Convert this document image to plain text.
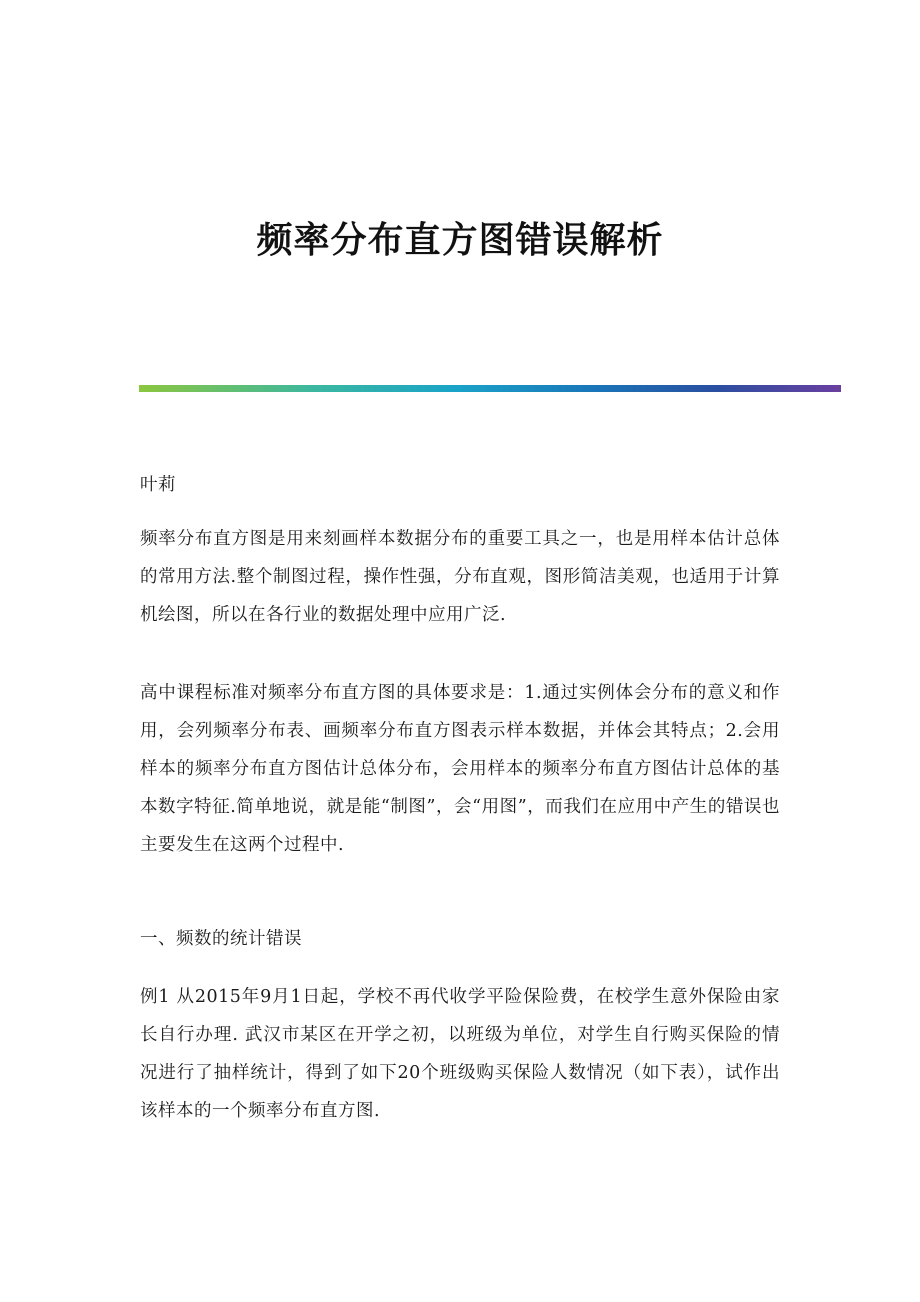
频率分布直方图错误解析

叶莉

频率分布直方图是用来刻画样本数据分布的重要工具之一，也是用样本估计总体的常用方法.整个制图过程，操作性强，分布直观，图形简洁美观，也适用于计算机绘图，所以在各行业的数据处理中应用广泛.

高中课程标准对频率分布直方图的具体要求是：1.通过实例体会分布的意义和作用，会列频率分布表、画频率分布直方图表示样本数据，并体会其特点；2.会用样本的频率分布直方图估计总体分布，会用样本的频率分布直方图估计总体的基本数字特征.简单地说，就是能“制图”，会“用图”，而我们在应用中产生的错误也主要发生在这两个过程中.

一、频数的统计错误

例1 从2015年9月1日起，学校不再代收学平险保险费，在校学生意外保险由家长自行办理. 武汉市某区在开学之初，以班级为单位，对学生自行购买保险的情况进行了抽样统计，得到了如下20个班级购买保险人数情况（如下表），试作出该样本的一个频率分布直方图.
